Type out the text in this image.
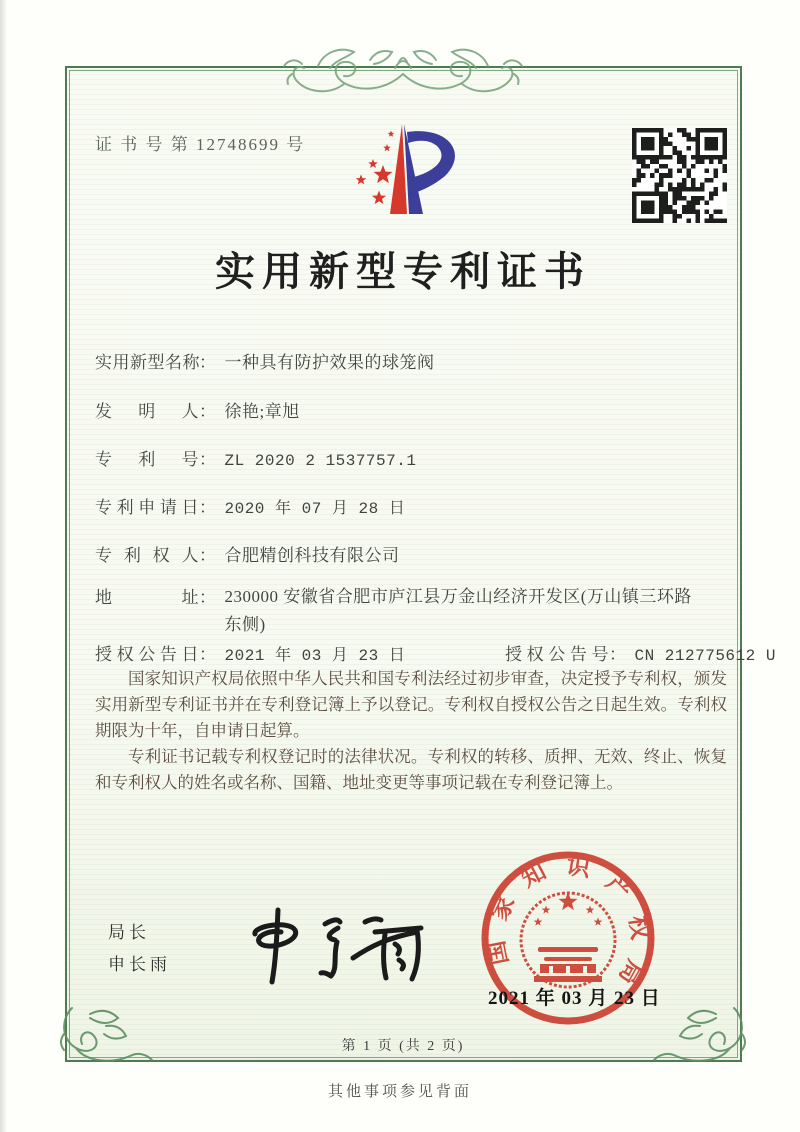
证 书 号 第 12748699 号
实用新型专利证书
实用新型名称： 一种具有防护效果的球笼阀
发明人： 徐艳;章旭
专利号： ZL 2020 2 1537757.1
专利申请日： 2020 年 07 月 28 日
专利权人： 合肥精创科技有限公司
地址： 230000 安徽省合肥市庐江县万金山经济开发区(万山镇三环路东侧)
授权公告日： 2021 年 03 月 23 日	授权公告号： CN 212775612 U

国家知识产权局依照中华人民共和国专利法经过初步审查，决定授予专利权，颁发实用新型专利证书并在专利登记簿上予以登记。专利权自授权公告之日起生效。专利权期限为十年，自申请日起算。

专利证书记载专利权登记时的法律状况。专利权的转移、质押、无效、终止、恢复和专利权人的姓名或名称、国籍、地址变更等事项记载在专利登记簿上。

局长
申长雨	国家知识产权局
2021 年 03 月 23 日
第 1 页 (共 2 页)
其他事项参见背面
